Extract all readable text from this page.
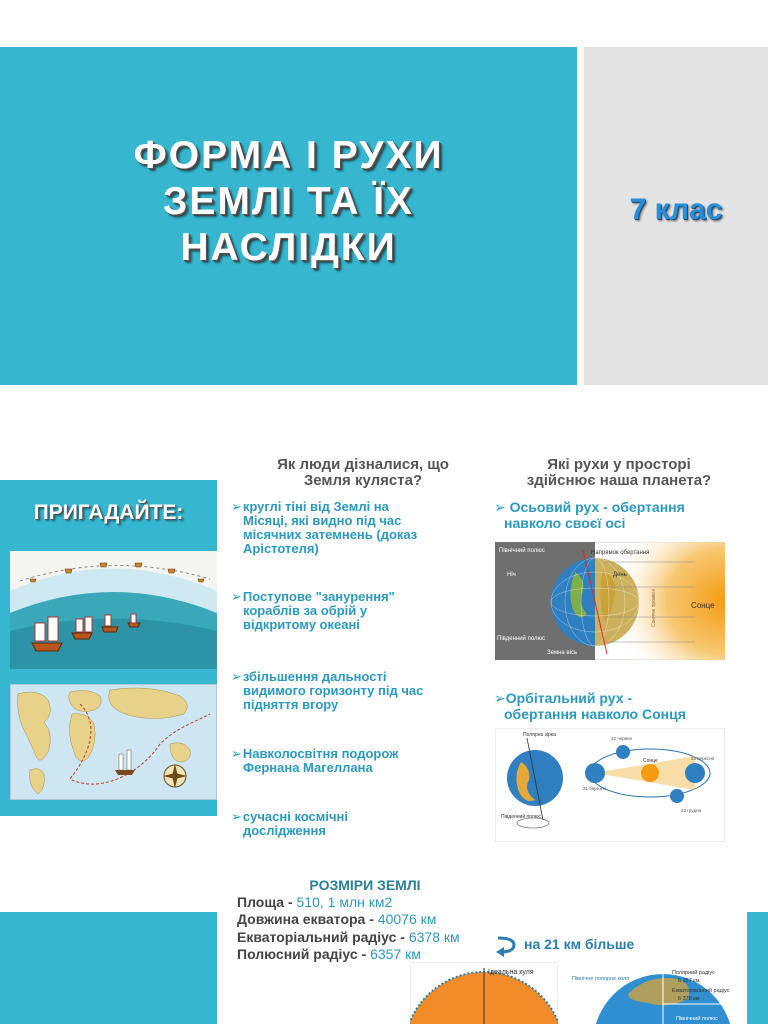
ФОРМА І РУХИ
ЗЕМЛІ ТА ЇХ
НАСЛІДКИ
7 клас
ПРИГАДАЙТЕ:
Як люди дізналися, що
Земля куляста?
➢круглі тіні від Землі на
Місяці, які видно під час
місячних затемнень (доказ
Арістотеля)
➢Поступове "занурення"
кораблів за обрій у
відкритому океані
➢збільшення дальності
видимого горизонту під час
підняття вгору
➢Навколосвітня подорож
Фернана Магеллана
➢сучасні космічні
дослідження
Які рухи у просторі
здійснює наша планета?
➢ Осьовий рух - обертання
навколо своєї осі
Північний полюс	Напрямок обертання
Ніч	День
Південний полюс
Земна вісь
Сонце
Сонячні промені
➢Орбітальний рух -
обертання навколо Сонця
Полярна зірка
Південний полюс
Сонце
21 березня
22 червня
23 вересня
22 грудня
РОЗМІРИ ЗЕМЛІ
Площа - 510, 1 млн км2
Довжина екватора - 40076 км
Екваторіальний радіус - 6378 км
Полюсний радіус - 6357 км
на 21 км більше
Ідеальна куля
Північне полярне коло
Полярний радіус
6 357 км
Екваторіальний радіус
6 378 км
Північний полюс
